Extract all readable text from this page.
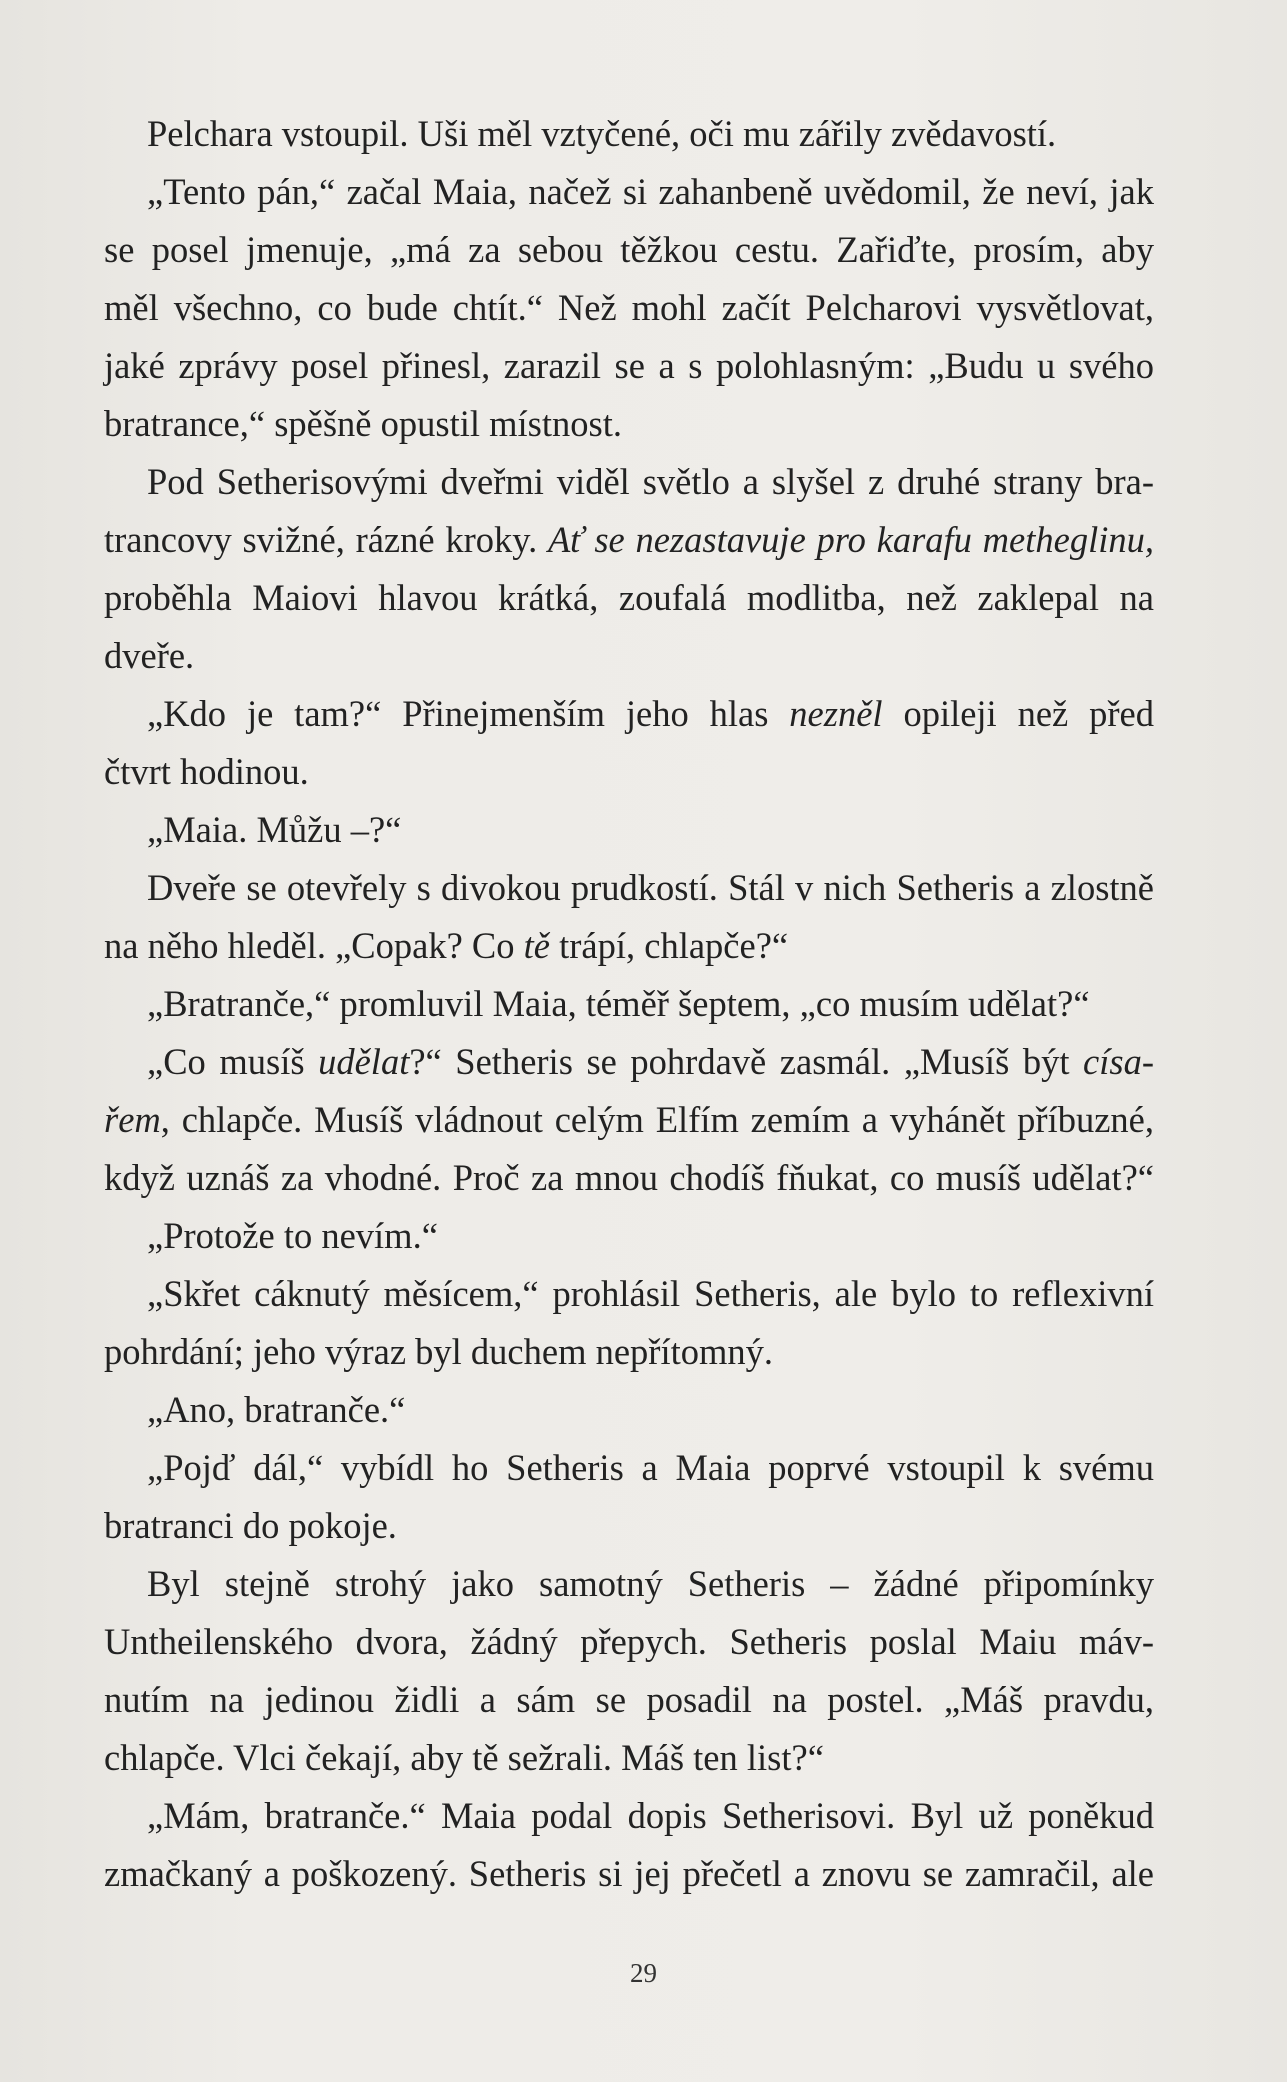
Pelchara vstoupil. Uši měl vztyčené, oči mu zářily zvědavostí.
„Tento pán,“ začal Maia, načež si zahanbeně uvědomil, že neví, jak
se posel jmenuje, „má za sebou těžkou cestu. Zařiďte, prosím, aby
měl všechno, co bude chtít.“ Než mohl začít Pelcharovi vysvětlovat,
jaké zprávy posel přinesl, zarazil se a s polohlasným: „Budu u svého
bratrance,“ spěšně opustil místnost.
Pod Setherisovými dveřmi viděl světlo a slyšel z druhé strany bra-
trancovy svižné, rázné kroky. Ať se nezastavuje pro karafu metheglinu,
proběhla Maiovi hlavou krátká, zoufalá modlitba, než zaklepal na
dveře.
„Kdo je tam?“ Přinejmenším jeho hlas nezněl opileji než před
čtvrt hodinou.
„Maia. Můžu –?“
Dveře se otevřely s divokou prudkostí. Stál v nich Setheris a zlostně
na něho hleděl. „Copak? Co tě trápí, chlapče?“
„Bratranče,“ promluvil Maia, téměř šeptem, „co musím udělat?“
„Co musíš udělat?“ Setheris se pohrdavě zasmál. „Musíš být císa-
řem, chlapče. Musíš vládnout celým Elfím zemím a vyhánět příbuzné,
když uznáš za vhodné. Proč za mnou chodíš fňukat, co musíš udělat?“
„Protože to nevím.“
„Skřet cáknutý měsícem,“ prohlásil Setheris, ale bylo to reflexivní
pohrdání; jeho výraz byl duchem nepřítomný.
„Ano, bratranče.“
„Pojď dál,“ vybídl ho Setheris a Maia poprvé vstoupil k svému
bratranci do pokoje.
Byl stejně strohý jako samotný Setheris – žádné připomínky
Untheilenského dvora, žádný přepych. Setheris poslal Maiu máv-
nutím na jedinou židli a sám se posadil na postel. „Máš pravdu,
chlapče. Vlci čekají, aby tě sežrali. Máš ten list?“
„Mám, bratranče.“ Maia podal dopis Setherisovi. Byl už poněkud
zmačkaný a poškozený. Setheris si jej přečetl a znovu se zamračil, ale
29
